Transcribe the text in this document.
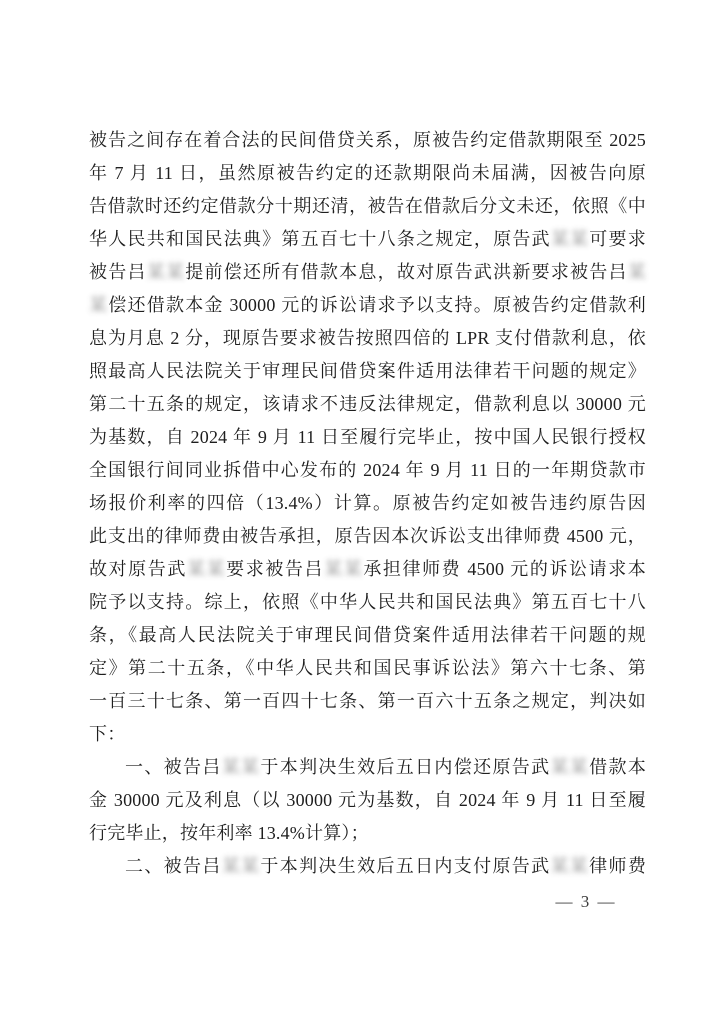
被告之间存在着合法的民间借贷关系，原被告约定借款期限至 2025
年 7 月 11 日，虽然原被告约定的还款期限尚未届满，因被告向原
告借款时还约定借款分十期还清，被告在借款后分文未还，依照《中
华人民共和国民法典》第五百七十八条之规定，原告武某某可要求
被告吕某某提前偿还所有借款本息，故对原告武洪新要求被告吕某
某偿还借款本金 30000 元的诉讼请求予以支持。原被告约定借款利
息为月息 2 分，现原告要求被告按照四倍的 LPR 支付借款利息，依
照最高人民法院关于审理民间借贷案件适用法律若干问题的规定》
第二十五条的规定，该请求不违反法律规定，借款利息以 30000 元
为基数，自 2024 年 9 月 11 日至履行完毕止，按中国人民银行授权
全国银行间同业拆借中心发布的 2024 年 9 月 11 日的一年期贷款市
场报价利率的四倍（13.4%）计算。原被告约定如被告违约原告因
此支出的律师费由被告承担，原告因本次诉讼支出律师费 4500 元，
故对原告武某某要求被告吕某某承担律师费 4500 元的诉讼请求本
院予以支持。综上，依照《中华人民共和国民法典》第五百七十八
条，《最高人民法院关于审理民间借贷案件适用法律若干问题的规
定》第二十五条，《中华人民共和国民事诉讼法》第六十七条、第
一百三十七条、第一百四十七条、第一百六十五条之规定，判决如
下：
一、被告吕某某于本判决生效后五日内偿还原告武某某借款本
金 30000 元及利息（以 30000 元为基数，自 2024 年 9 月 11 日至履
行完毕止，按年利率 13.4%计算）；
二、被告吕某某于本判决生效后五日内支付原告武某某律师费
— 3 —
